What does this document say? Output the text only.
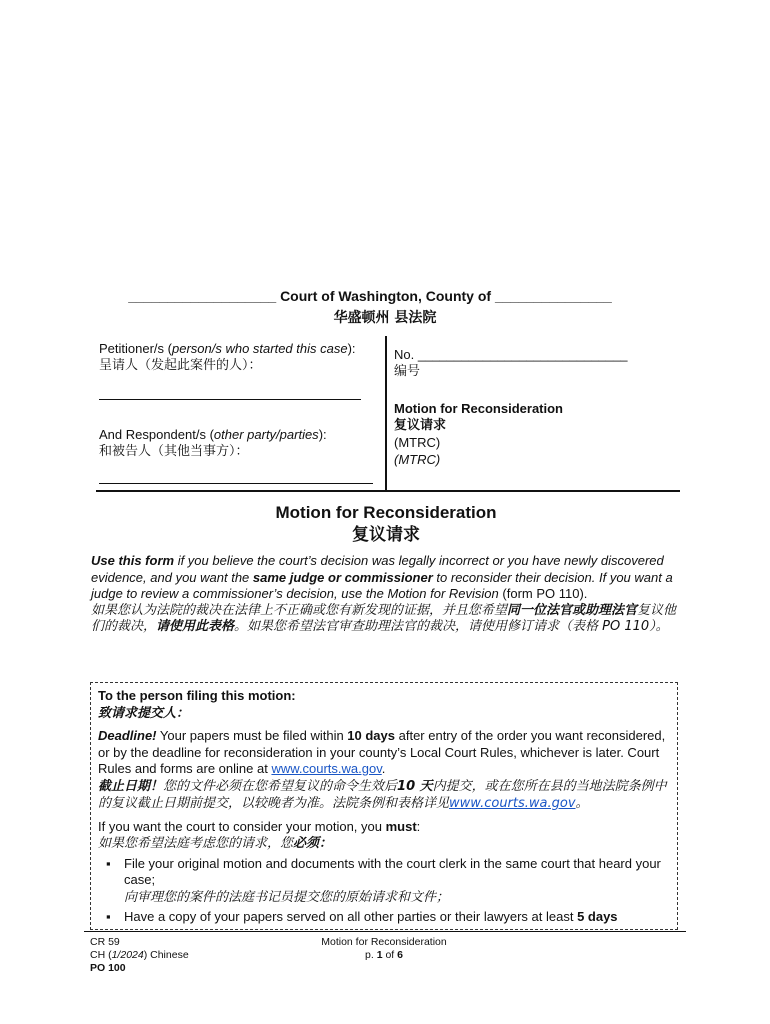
___________________ Court of Washington, County of _______________
华盛顿州 县法院
Petitioner/s (person/s who started this case):
呈请人（发起此案件的人）：
And Respondent/s (other party/parties):
和被告人（其他当事方）：
No. _____________________________
编号
Motion for Reconsideration
复议请求
(MTRC)
(MTRC)
Motion for Reconsideration
复议请求
Use this form if you believe the court’s decision was legally incorrect or you have newly discovered evidence, and you want the same judge or commissioner to reconsider their decision. If you want a judge to review a commissioner’s decision, use the Motion for Revision (form PO 110).
如果您认为法院的裁决在法律上不正确或您有新发现的证据，并且您希望同一位法官或助理法官复议他们的裁决，请使用此表格。如果您希望法官审查助理法官的裁决，请使用修订请求（表格 PO 110）。

To the person filing this motion:
致请求提交人：

Deadline! Your papers must be filed within 10 days after entry of the order you want reconsidered, or by the deadline for reconsideration in your county’s Local Court Rules, whichever is later. Court Rules and forms are online at www.courts.wa.gov.
截止日期！您的文件必须在您希望复议的命令生效后10 天内提交，或在您所在县的当地法院条例中的复议截止日期前提交，以较晚者为准。法院条例和表格详见www.courts.wa.gov。

If you want the court to consider your motion, you must:
如果您希望法庭考虑您的请求，您必须：

▪ File your original motion and documents with the court clerk in the same court that heard your case;
向审理您的案件的法庭书记员提交您的原始请求和文件；
▪ Have a copy of your papers served on all other parties or their lawyers at least 5 days
CR 59
CH (1/2024) Chinese
PO 100
Motion for Reconsideration
p. 1 of 6
